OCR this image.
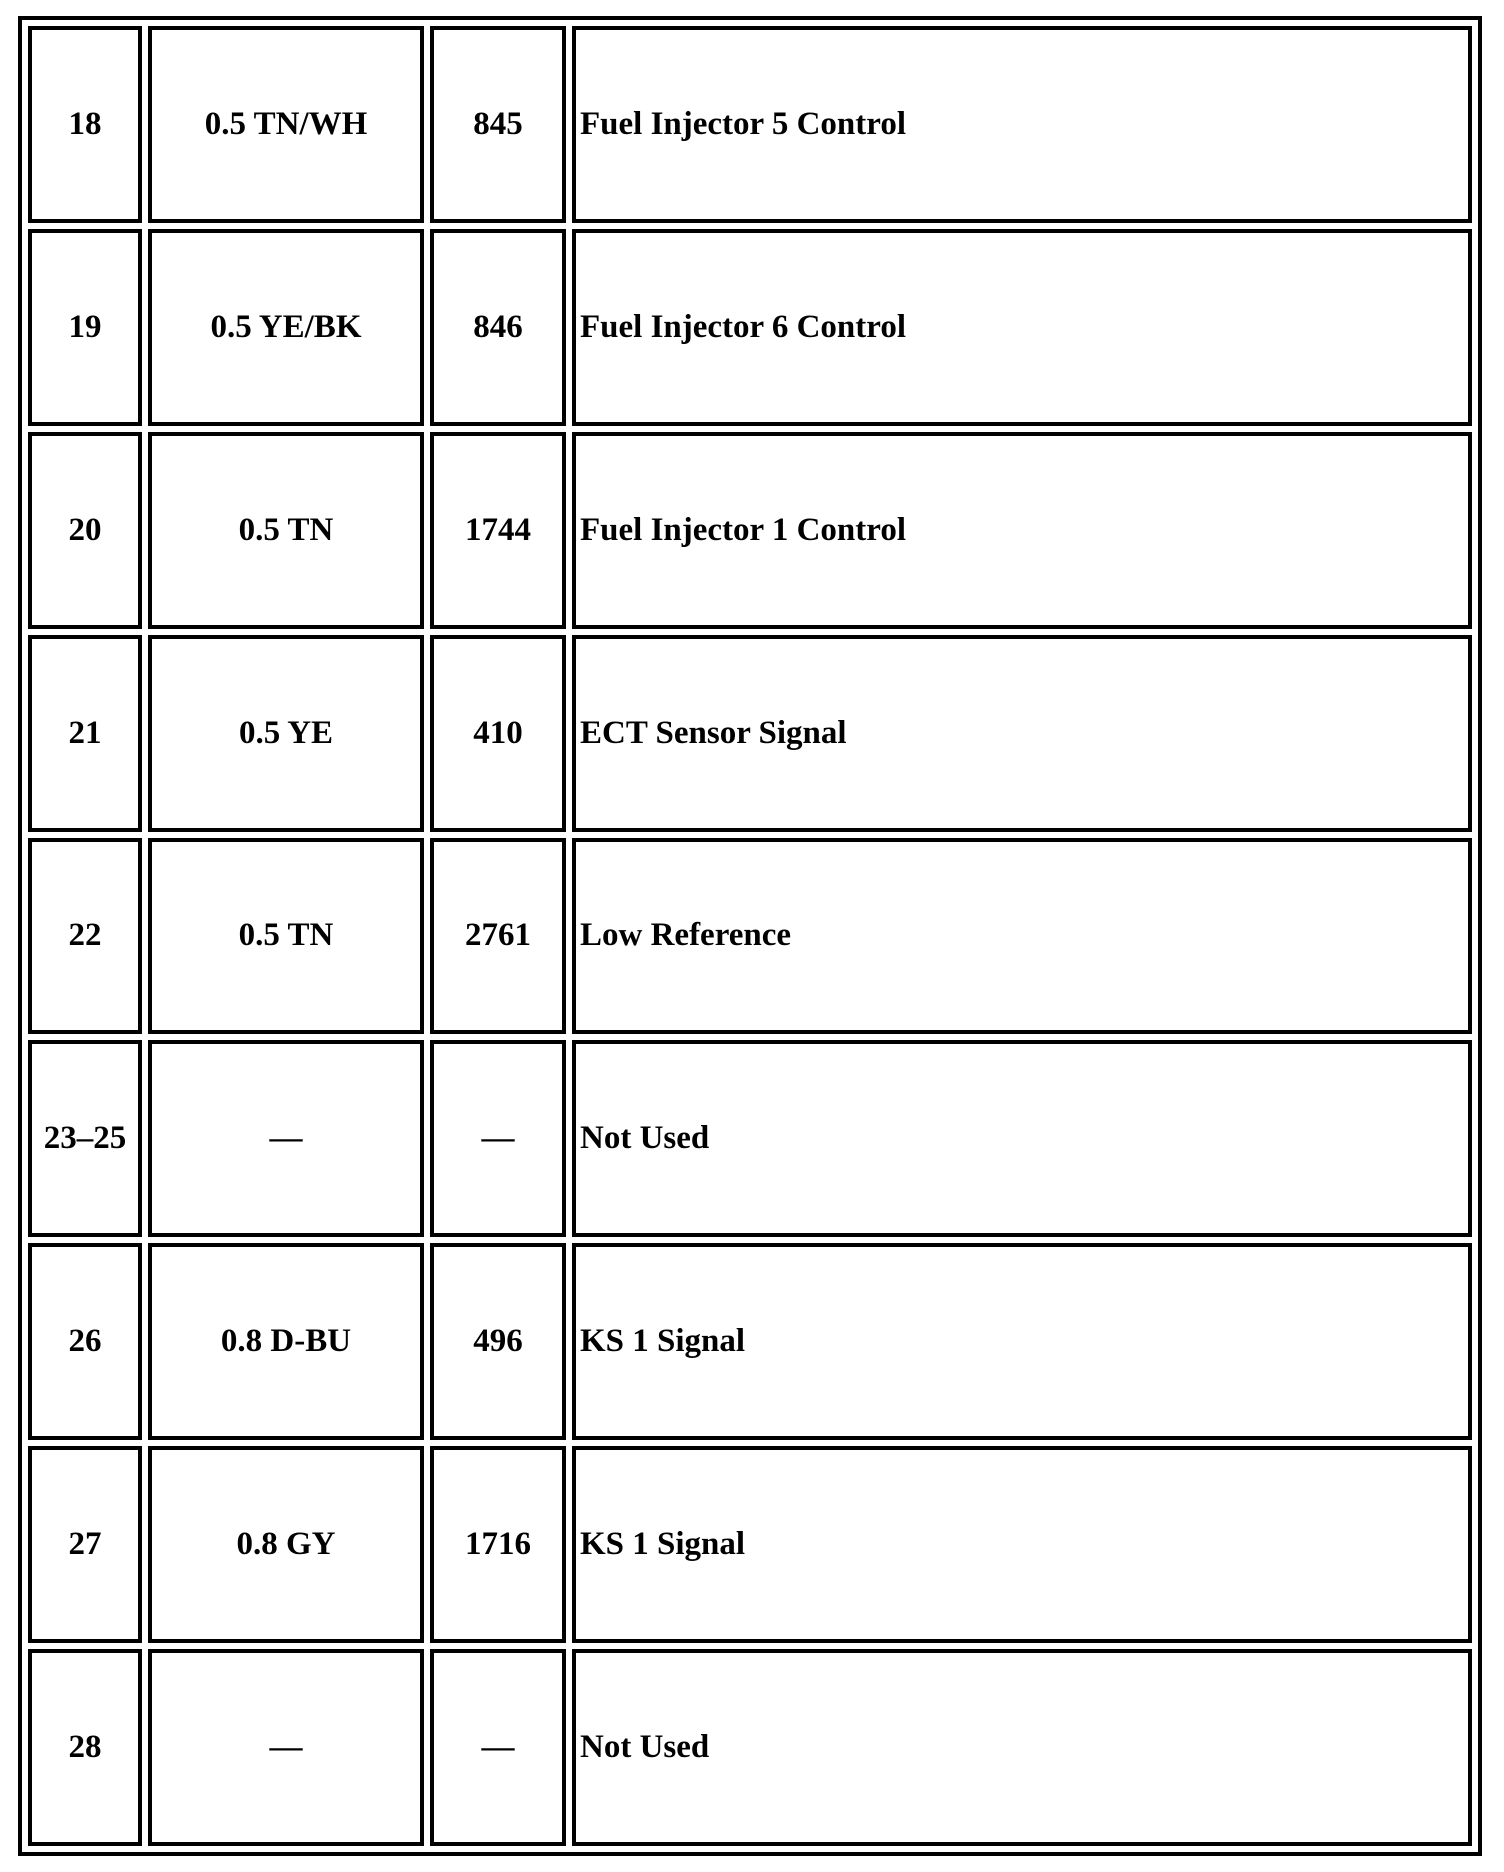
18	0.5 TN/WH	845	Fuel Injector 5 Control
19	0.5 YE/BK	846	Fuel Injector 6 Control
20	0.5 TN	1744	Fuel Injector 1 Control
21	0.5 YE	410	ECT Sensor Signal
22	0.5 TN	2761	Low Reference
23–25	—	—	Not Used
26	0.8 D-BU	496	KS 1 Signal
27	0.8 GY	1716	KS 1 Signal
28	—	—	Not Used
